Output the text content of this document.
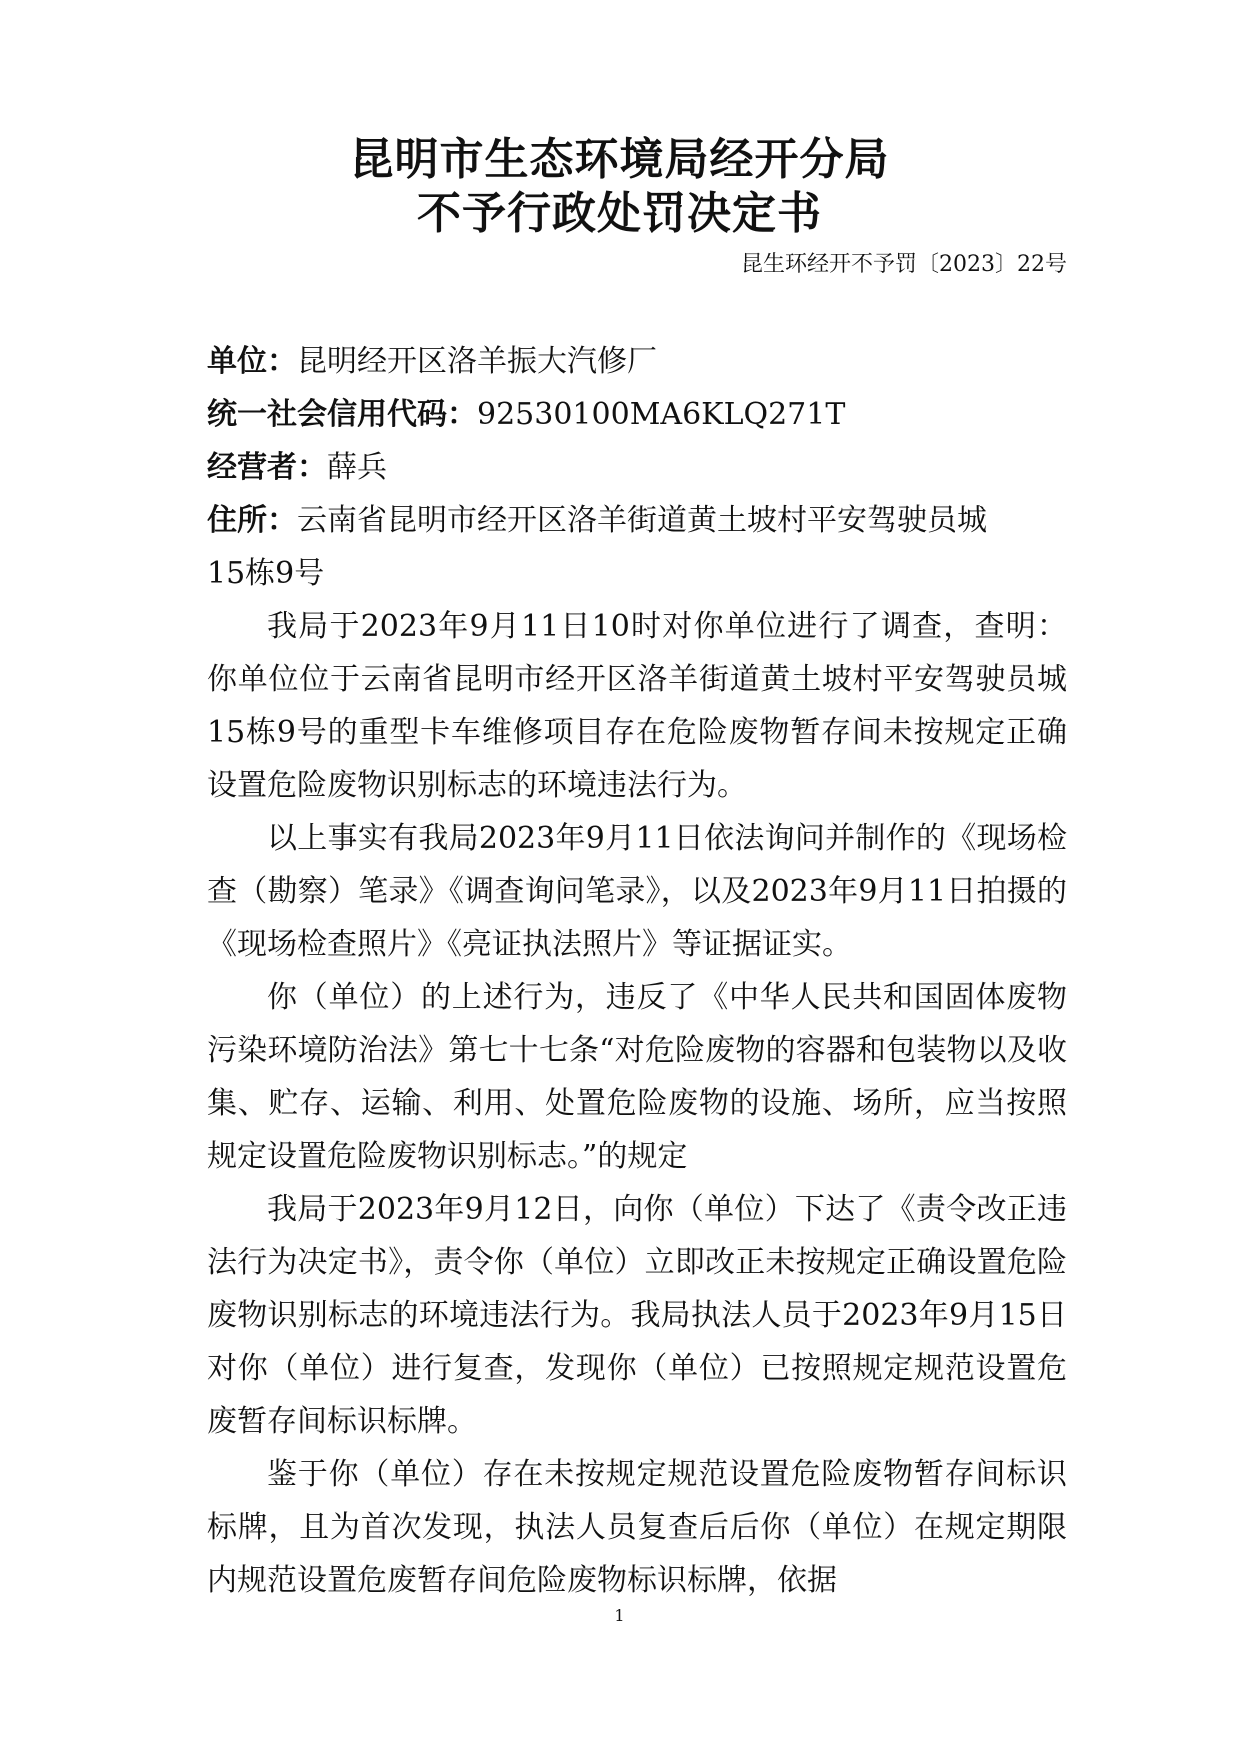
昆明市生态环境局经开分局
不予行政处罚决定书
昆生环经开不予罚〔2023〕22号
单位：昆明经开区洛羊振大汽修厂
统一社会信用代码：92530100MA6KLQ271T
经营者：薛兵
住所：云南省昆明市经开区洛羊街道黄土坡村平安驾驶员城
15栋9号

我局于2023年9月11日10时对你单位进行了调查，查明：你单位位于云南省昆明市经开区洛羊街道黄土坡村平安驾驶员城15栋9号的重型卡车维修项目存在危险废物暂存间未按规定正确设置危险废物识别标志的环境违法行为。

以上事实有我局2023年9月11日依法询问并制作的《现场检查（勘察）笔录》《调查询问笔录》，以及2023年9月11日拍摄的《现场检查照片》《亮证执法照片》等证据证实。

你（单位）的上述行为，违反了《中华人民共和国固体废物污染环境防治法》第七十七条“对危险废物的容器和包装物以及收集、贮存、运输、利用、处置危险废物的设施、场所，应当按照规定设置危险废物识别标志。”的规定

我局于2023年9月12日，向你（单位）下达了《责令改正违法行为决定书》，责令你（单位）立即改正未按规定正确设置危险废物识别标志的环境违法行为。我局执法人员于2023年9月15日对你（单位）进行复查，发现你（单位）已按照规定规范设置危废暂存间标识标牌。

鉴于你（单位）存在未按规定规范设置危险废物暂存间标识标牌，且为首次发现，执法人员复查后后你（单位）在规定期限内规范设置危废暂存间危险废物标识标牌，依据

1
